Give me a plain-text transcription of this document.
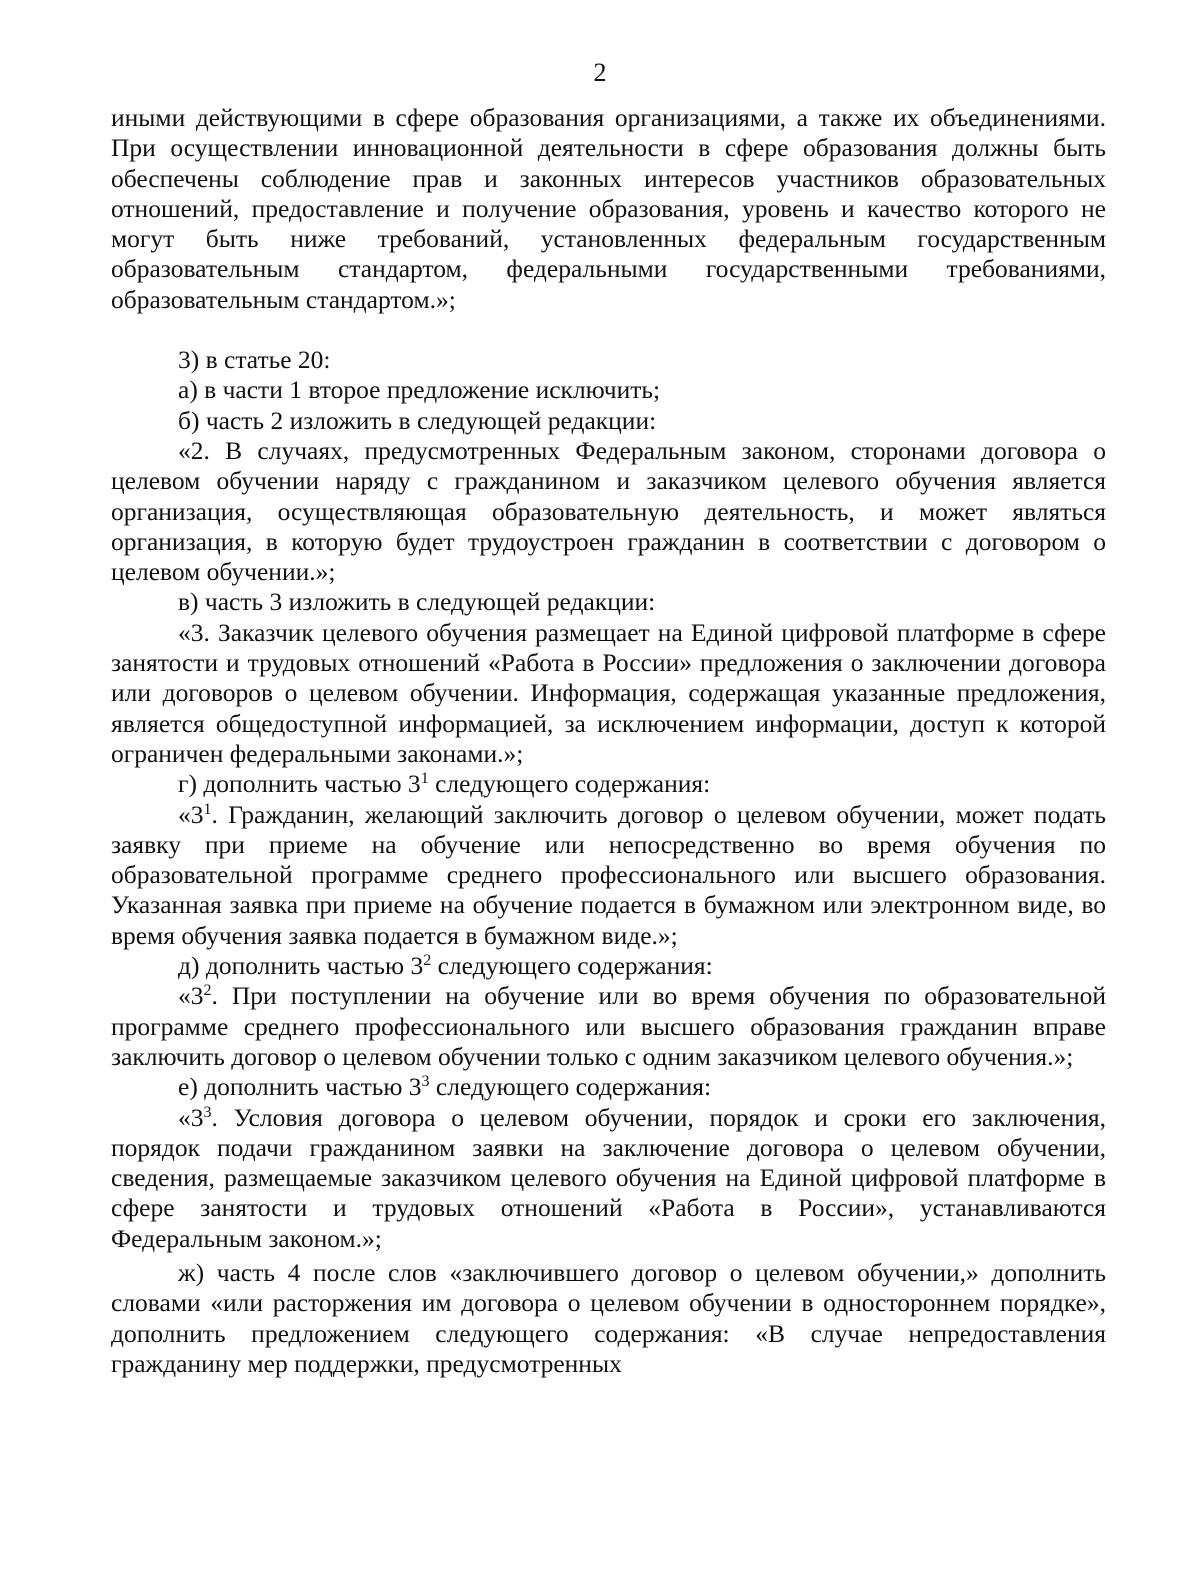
2

иными действующими в сфере образования организациями, а также их объединениями. При осуществлении инновационной деятельности в сфере образования должны быть обеспечены соблюдение прав и законных интересов участников образовательных отношений, предоставление и получение образования, уровень и качество которого не могут быть ниже требований, установленных федеральным государственным образовательным стандартом, федеральными государственными требованиями, образовательным стандартом.»;

3) в статье 20:

а) в части 1 второе предложение исключить;

б) часть 2 изложить в следующей редакции:

«2. В случаях, предусмотренных Федеральным законом, сторонами договора о целевом обучении наряду с гражданином и заказчиком целевого обучения является организация, осуществляющая образовательную деятельность, и может являться организация, в которую будет трудоустроен гражданин в соответствии с договором о целевом обучении.»;

в) часть 3 изложить в следующей редакции:

«3. Заказчик целевого обучения размещает на Единой цифровой платформе в сфере занятости и трудовых отношений «Работа в России» предложения о заключении договора или договоров о целевом обучении. Информация, содержащая указанные предложения, является общедоступной информацией, за исключением информации, доступ к которой ограничен федеральными законами.»;

г) дополнить частью $3^1$ следующего содержания:

«$3^1$. Гражданин, желающий заключить договор о целевом обучении, может подать заявку при приеме на обучение или непосредственно во время обучения по образовательной программе среднего профессионального или высшего образования. Указанная заявка при приеме на обучение подается в бумажном или электронном виде, во время обучения заявка подается в бумажном виде.»;

д) дополнить частью $3^2$ следующего содержания:

«$3^2$. При поступлении на обучение или во время обучения по образовательной программе среднего профессионального или высшего образования гражданин вправе заключить договор о целевом обучении только с одним заказчиком целевого обучения.»;

е) дополнить частью $3^3$ следующего содержания:

«$3^3$. Условия договора о целевом обучении, порядок и сроки его заключения, порядок подачи гражданином заявки на заключение договора о целевом обучении, сведения, размещаемые заказчиком целевого обучения на Единой цифровой платформе в сфере занятости и трудовых отношений «Работа в России», устанавливаются Федеральным законом.»;

ж) часть 4 после слов «заключившего договор о целевом обучении,» дополнить словами «или расторжения им договора о целевом обучении в одностороннем порядке», дополнить предложением следующего содержания: «В случае непредоставления гражданину мер поддержки, предусмотренных
